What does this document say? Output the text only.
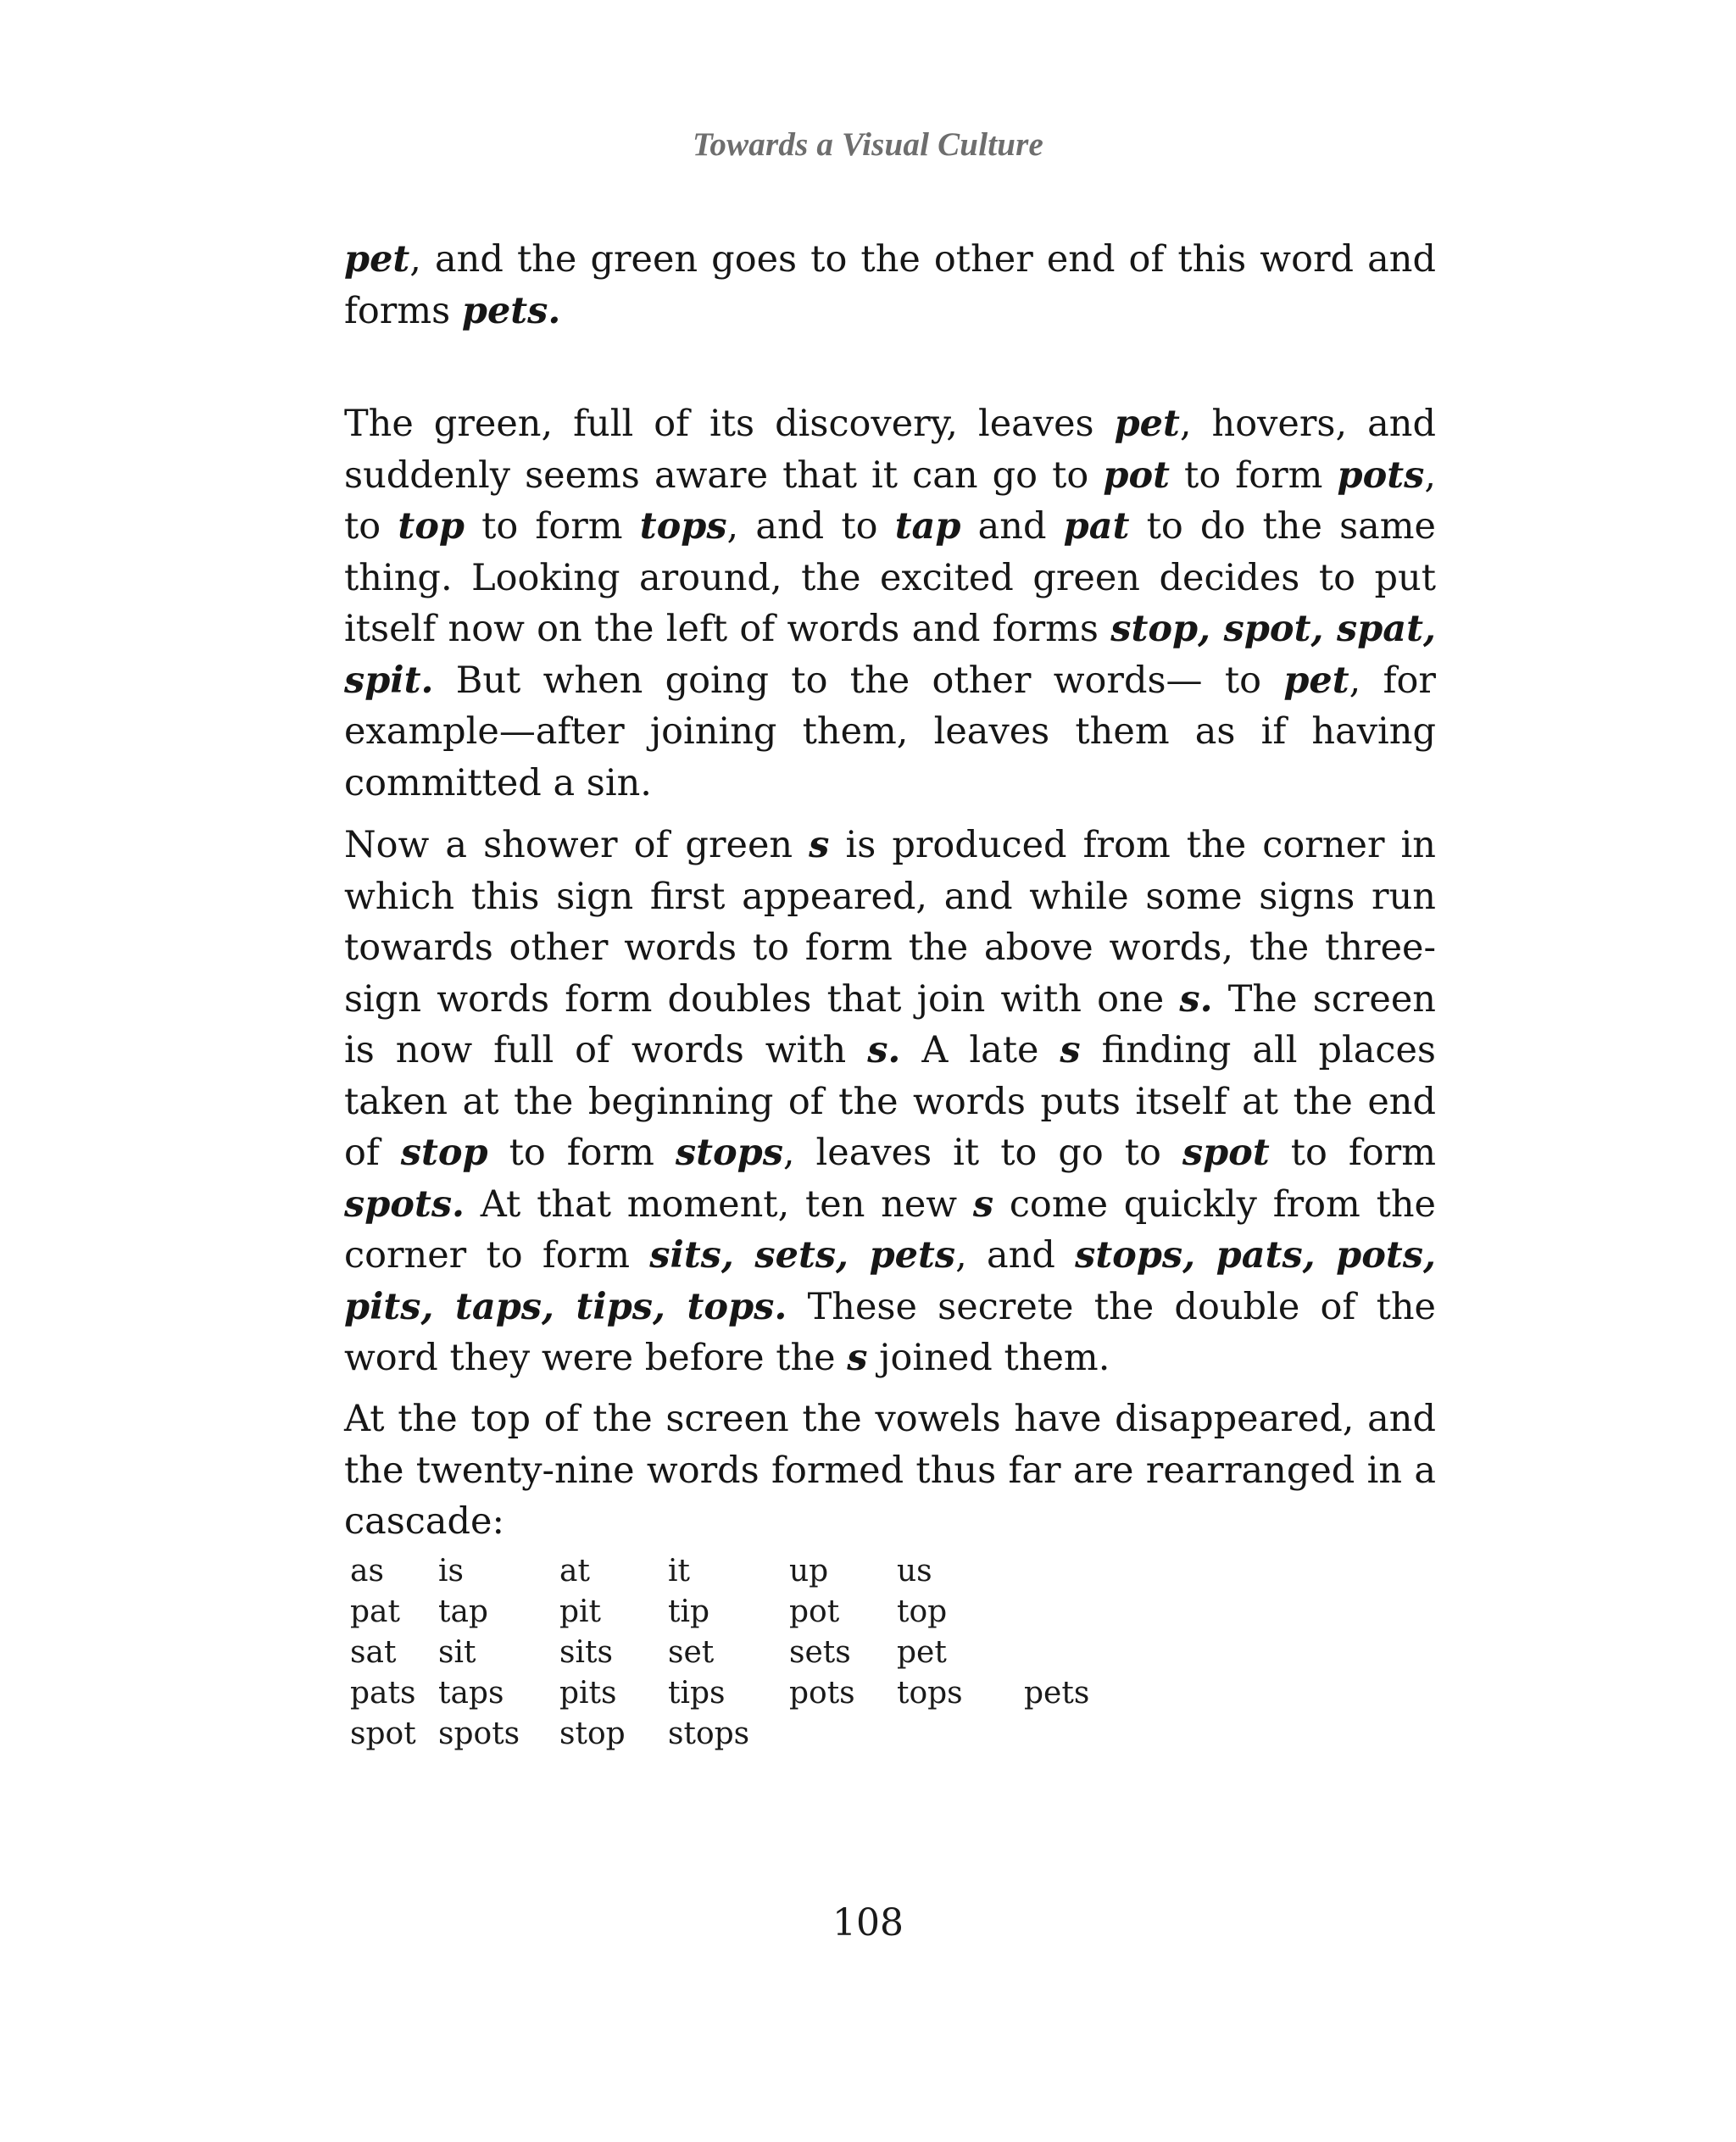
Towards a Visual Culture

pet, and the green goes to the other end of this word and forms pets.

The green, full of its discovery, leaves pet, hovers, and suddenly seems aware that it can go to pot to form pots, to top to form tops, and to tap and pat to do the same thing. Looking around, the excited green decides to put itself now on the left of words and forms stop, spot, spat, spit. But when going to the other words— to pet, for example—after joining them, leaves them as if having committed a sin.

Now a shower of green s is produced from the corner in which this sign first appeared, and while some signs run towards other words to form the above words, the three-sign words form doubles that join with one s. The screen is now full of words with s. A late s finding all places taken at the beginning of the words puts itself at the end of stop to form stops, leaves it to go to spot to form spots. At that moment, ten new s come quickly from the corner to form sits, sets, pets, and stops, pats, pots, pits, taps, tips, tops. These secrete the double of the word they were before the s joined them.

At the top of the screen the vowels have disappeared, and the twenty-nine words formed thus far are rearranged in a cascade:

as is	at	it	up us
pat tap pit tip	pot top
sat sit	sits set sets pet
pats taps pits tips pots tops pets
spot spots stop stops
108
